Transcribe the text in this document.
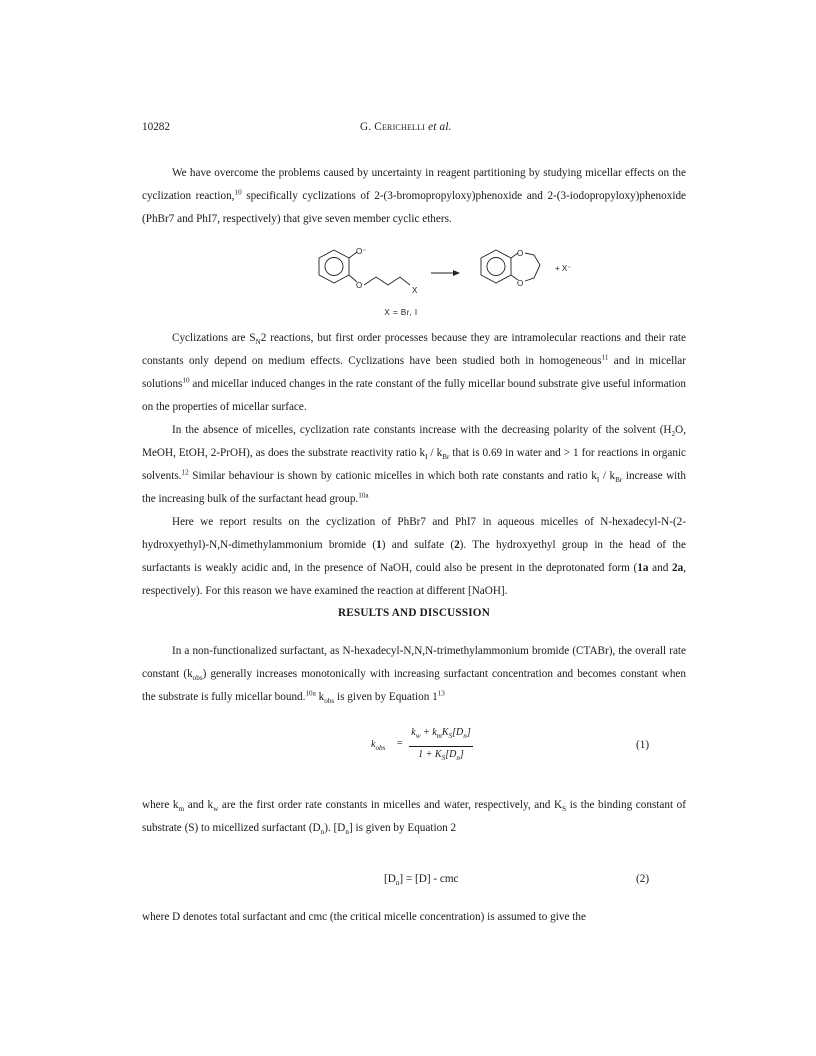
10282	G. Cerichelli et al.

We have overcome the problems caused by uncertainty in reagent partitioning by studying micellar effects on the cyclization reaction,$^{10}$ specifically cyclizations of 2-(3-bromopropyloxy)phenoxide and 2-(3-iodopropyloxy)phenoxide (PhBr7 and PhI7, respectively) that give seven member cyclic ethers.

O⁻
O
X
O
O
+ X⁻
X = Br, I

Cyclizations are $S_N2$ reactions, but first order processes because they are intramolecular reactions and their rate constants only depend on medium effects. Cyclizations have been studied both in homogeneous$^{11}$ and in micellar solutions$^{10}$ and micellar induced changes in the rate constant of the fully micellar bound substrate give useful information on the properties of micellar surface.

In the absence of micelles, cyclization rate constants increase with the decreasing polarity of the solvent ($H_2O$, MeOH, EtOH, 2-PrOH), as does the substrate reactivity ratio $k_I / k_{Br}$ that is 0.69 in water and > 1 for reactions in organic solvents.$^{12}$ Similar behaviour is shown by cationic micelles in which both rate constants and ratio $k_I / k_{Br}$ increase with the increasing bulk of the surfactant head group.$^{10a}$

Here we report results on the cyclization of PhBr7 and PhI7 in aqueous micelles of N-hexadecyl-N-(2-hydroxyethyl)-N,N-dimethylammonium bromide (1) and sulfate (2). The hydroxyethyl group in the head of the surfactants is weakly acidic and, in the presence of NaOH, could also be present in the deprotonated form (1a and 2a, respectively). For this reason we have examined the reaction at different [NaOH].

RESULTS AND DISCUSSION

In a non-functionalized surfactant, as N-hexadecyl-N,N,N-trimethylammonium bromide (CTABr), the overall rate constant $(k_{obs})$ generally increases monotonically with increasing surfactant concentration and becomes constant when the substrate is fully micellar bound.$^{10a}$ $k_{obs}$ is given by Equation $1^{13}$

$k_{obs}$ =
$k_w + k_mK_S[D_n]$
$1 + K_S[D_n]$
(1)

where $k_m$ and $k_w$ are the first order rate constants in micelles and water, respectively, and $K_S$ is the binding constant of substrate (S) to micellized surfactant $(D_n)$. $[D_n]$ is given by Equation 2

$[D_n] = [D]$ - cmc	(2)

where D denotes total surfactant and cmc (the critical micelle concentration) is assumed to give the
